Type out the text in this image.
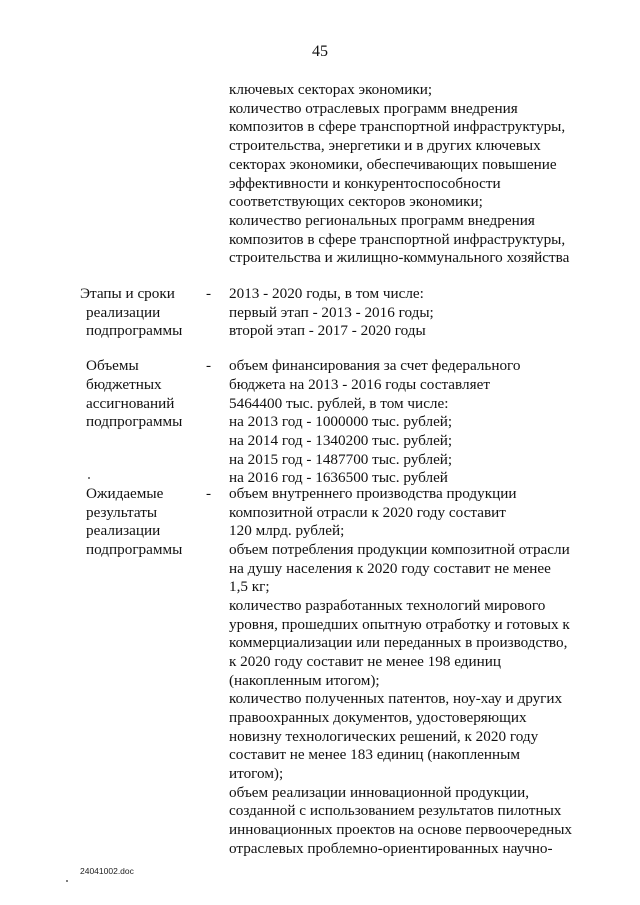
45
ключевых секторах экономики;
количество отраслевых программ внедрения
композитов в сфере транспортной инфраструктуры,
строительства, энергетики и в других ключевых
секторах экономики, обеспечивающих повышение
эффективности и конкурентоспособности
соответствующих секторов экономики;
количество региональных программ внедрения
композитов в сфере транспортной инфраструктуры,
строительства и жилищно-коммунального хозяйства
Этапы и сроки
реализации
подпрограммы
- 2013 - 2020 годы, в том числе:
первый этап - 2013 - 2016 годы;
второй этап - 2017 - 2020 годы
Объемы
бюджетных
ассигнований
подпрограммы
- объем финансирования за счет федерального
бюджета на 2013 - 2016 годы составляет
5464400 тыс. рублей, в том числе:
на 2013 год - 1000000 тыс. рублей;
на 2014 год - 1340200 тыс. рублей;
на 2015 год - 1487700 тыс. рублей;
на 2016 год - 1636500 тыс. рублей
Ожидаемые
результаты
реализации
подпрограммы
- объем внутреннего производства продукции
композитной отрасли к 2020 году составит
120 млрд. рублей;
объем потребления продукции композитной отрасли
на душу населения к 2020 году составит не менее
1,5 кг;
количество разработанных технологий мирового
уровня, прошедших опытную отработку и готовых к
коммерциализации или переданных в производство,
к 2020 году составит не менее 198 единиц
(накопленным итогом);
количество полученных патентов, ноу-хау и других
правоохранных документов, удостоверяющих
новизну технологических решений, к 2020 году
составит не менее 183 единиц (накопленным
итогом);
объем реализации инновационной продукции,
созданной с использованием результатов пилотных
инновационных проектов на основе первоочередных
отраслевых проблемно-ориентированных научно-
24041002.doc
